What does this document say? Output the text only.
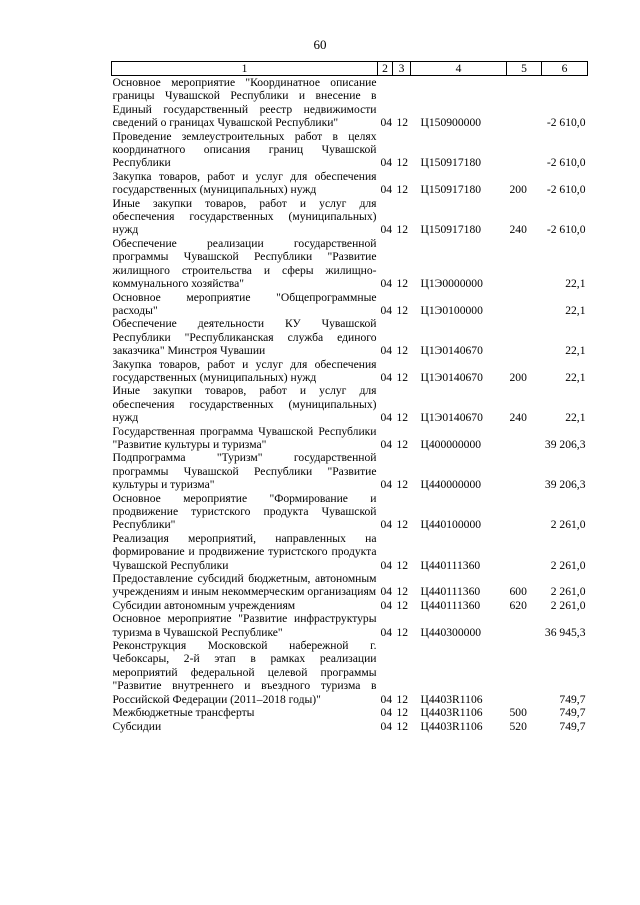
60
1	2	3	4	5	6
Основное мероприятие "Координатное описание границы Чувашской Республики и внесение в Единый государственный реестр недвижимости сведений о границах Чувашской Республики"	04	12	Ц150900000		-2 610,0
Проведение землеустроительных работ в целях координатного описания границ Чувашской Республики	04	12	Ц150917180		-2 610,0
Закупка товаров, работ и услуг для обеспечения государственных (муниципальных) нужд	04	12	Ц150917180	200	-2 610,0
Иные закупки товаров, работ и услуг для обеспечения государственных (муниципальных) нужд	04	12	Ц150917180	240	-2 610,0
Обеспечение реализации государственной программы Чувашской Республики "Развитие жилищного строительства и сферы жилищно-коммунального хозяйства"	04	12	Ц1Э0000000		22,1
Основное мероприятие "Общепрограммные расходы"	04	12	Ц1Э0100000		22,1
Обеспечение деятельности КУ Чувашской Республики "Республиканская служба единого заказчика" Минстроя Чувашии	04	12	Ц1Э0140670		22,1
Закупка товаров, работ и услуг для обеспечения государственных (муниципальных) нужд	04	12	Ц1Э0140670	200	22,1
Иные закупки товаров, работ и услуг для обеспечения государственных (муниципальных) нужд	04	12	Ц1Э0140670	240	22,1
Государственная программа Чувашской Республики "Развитие культуры и туризма"	04	12	Ц400000000		39 206,3
Подпрограмма "Туризм" государственной программы Чувашской Республики "Развитие культуры и туризма"	04	12	Ц440000000		39 206,3
Основное мероприятие "Формирование и продвижение туристского продукта Чувашской Республики"	04	12	Ц440100000		2 261,0
Реализация мероприятий, направленных на формирование и продвижение туристского продукта Чувашской Республики	04	12	Ц440111360		2 261,0
Предоставление субсидий бюджетным, автономным учреждениям и иным некоммерческим организациям	04	12	Ц440111360	600	2 261,0
Субсидии автономным учреждениям	04	12	Ц440111360	620	2 261,0
Основное мероприятие "Развитие инфраструктуры туризма в Чувашской Республике"	04	12	Ц440300000		36 945,3
Реконструкция Московской набережной г. Чебоксары, 2-й этап в рамках реализации мероприятий федеральной целевой программы "Развитие внутреннего и въездного туризма в Российской Федерации (2011–2018 годы)"	04	12	Ц4403R1106		749,7
Межбюджетные трансферты	04	12	Ц4403R1106	500	749,7
Субсидии	04	12	Ц4403R1106	520	749,7
